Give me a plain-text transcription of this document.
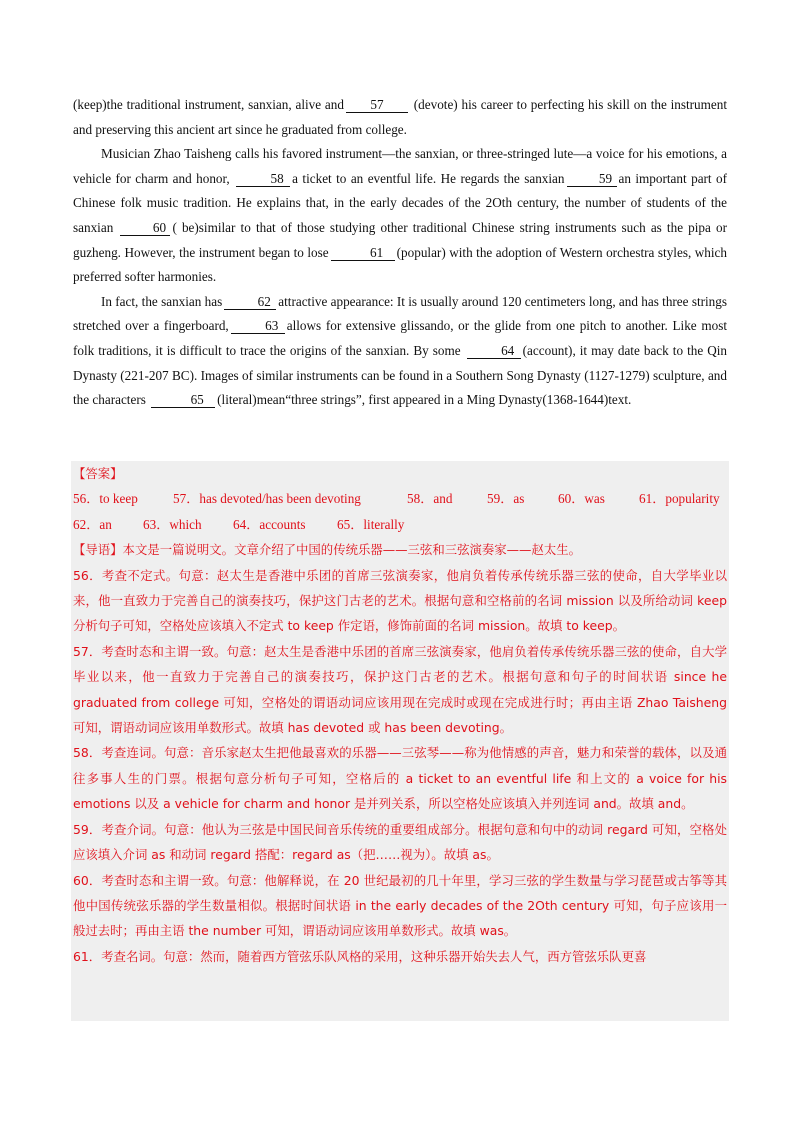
(keep)the traditional instrument, sanxian, alive and 57 (devote) his career to perfecting his skill on the instrument and preserving this ancient art since he graduated from college.

Musician Zhao Taisheng calls his favored instrument—the sanxian, or three-stringed lute—a voice for his emotions, a vehicle for charm and honor,	58 a ticket to an eventful life. He regards the sanxian	59 an important part of Chinese folk music tradition. He explains that, in the early decades of the 2Oth century, the number of students of the sanxian	60 ( be)similar to that of those studying other traditional Chinese string instruments such as the pipa or guzheng. However, the instrument began to lose	61 (popular) with the adoption of Western orchestra styles, which preferred softer harmonies.

In fact, the sanxian has	62 attractive appearance: It is usually around 120 centimeters long, and has three strings stretched over a fingerboard,	63 allows for extensive glissando, or the glide from one pitch to another. Like most folk traditions, it is difficult to trace the origins of the sanxian. By some	64 (account), it may date back to the Qin Dynasty (221-207 BC). Images of similar instruments can be found in a Southern Song Dynasty (1127-1279) sculpture, and the characters	65 (literal)mean“three strings”, first appeared in a Ming Dynasty(1368-1644)text.

【答案】

56．to keep	57．has devoted/has been devoting	58．and	59．as	60．was	61．popularity
62．an	63．which	64．accounts	65．literally

【导语】本文是一篇说明文。文章介绍了中国的传统乐器——三弦和三弦演奏家——赵太生。

56．考查不定式。句意：赵太生是香港中乐团的首席三弦演奏家，他肩负着传承传统乐器三弦的使命，自大学毕业以来，他一直致力于完善自己的演奏技巧，保护这门古老的艺术。根据句意和空格前的名词 mission 以及所给动词 keep 分析句子可知，空格处应该填入不定式 to keep 作定语，修饰前面的名词 mission。故填 to keep。

57．考查时态和主谓一致。句意：赵太生是香港中乐团的首席三弦演奏家，他肩负着传承传统乐器三弦的使命，自大学毕业以来，他一直致力于完善自己的演奏技巧，保护这门古老的艺术。根据句意和句子的时间状语 since he graduated from college 可知，空格处的谓语动词应该用现在完成时或现在完成进行时；再由主语 Zhao Taisheng 可知，谓语动词应该用单数形式。故填 has devoted 或 has been devoting。

58．考查连词。句意：音乐家赵太生把他最喜欢的乐器——三弦琴——称为他情感的声音，魅力和荣誉的载体，以及通往多事人生的门票。根据句意分析句子可知，空格后的 a ticket to an eventful life 和上文的 a voice for his emotions 以及 a vehicle for charm and honor 是并列关系，所以空格处应该填入并列连词 and。故填 and。

59．考查介词。句意：他认为三弦是中国民间音乐传统的重要组成部分。根据句意和句中的动词 regard 可知，空格处应该填入介词 as 和动词 regard 搭配：regard as（把……视为）。故填 as。

60．考查时态和主谓一致。句意：他解释说，在 20 世纪最初的几十年里，学习三弦的学生数量与学习琵琶或古筝等其他中国传统弦乐器的学生数量相似。根据时间状语 in the early decades of the 2Oth century 可知，句子应该用一般过去时；再由主语 the number 可知，谓语动词应该用单数形式。故填 was。

61．考查名词。句意：然而，随着西方管弦乐队风格的采用，这种乐器开始失去人气，西方管弦乐队更喜
